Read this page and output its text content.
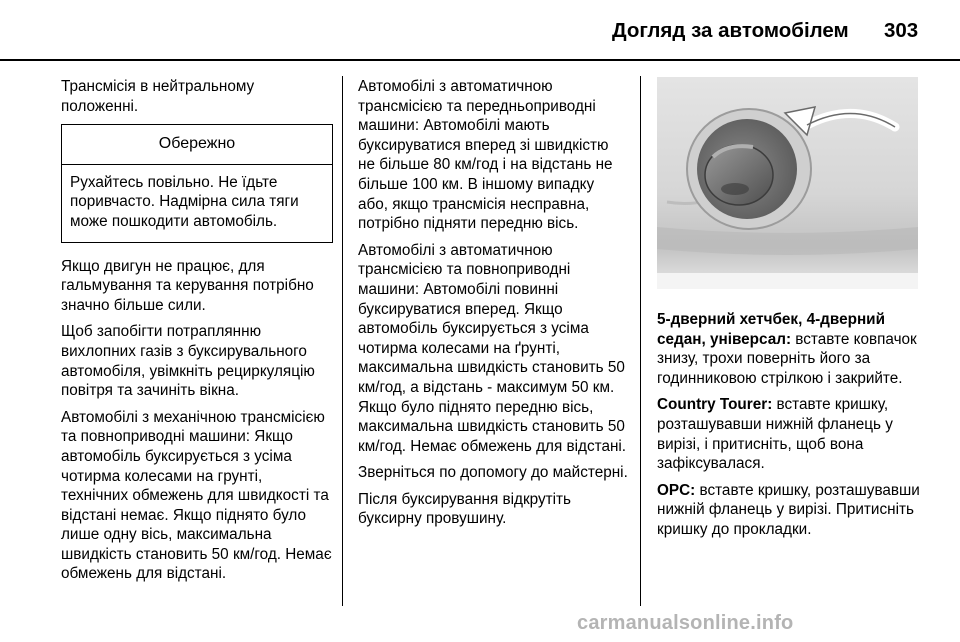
Догляд за автомобілем 303

Трансмісія в нейтральному положенні.

Обережно
Рухайтесь повільно. Не їдьте поривчасто. Надмірна сила тяги може пошкодити автомобіль.

Якщо двигун не працює, для гальмування та керування потрібно значно більше сили.

Щоб запобігти потраплянню вихлопних газів з буксирувального автомобіля, увімкніть рециркуляцію повітря та зачиніть вікна.

Автомобілі з механічною трансмісією та повноприводні машини: Якщо автомобіль буксирується з усіма чотирма колесами на грунті, технічних обмежень для швидкості та відстані немає. Якщо піднято було лише одну вісь, максимальна швидкість становить 50 км/год. Немає обмежень для відстані.

Автомобілі з автоматичною трансмісією та передньоприводні машини: Автомобілі мають буксируватися вперед зі швидкістю не більше 80 км/год і на відстань не більше 100 км. В іншому випадку або, якщо трансмісія несправна, потрібно підняти передню вісь.

Автомобілі з автоматичною трансмісією та повноприводні машини: Автомобілі повинні буксируватися вперед. Якщо автомобіль буксирується з усіма чотирма колесами на ґрунті, максимальна швидкість становить 50 км/год, а відстань - максимум 50 км. Якщо було піднято передню вісь, максимальна швидкість становить 50 км/год. Немає обмежень для відстані.

Зверніться по допомогу до майстерні.

Після буксирування відкрутіть буксирну провушину.

5-дверний хетчбек, 4-дверний седан, універсал: вставте ковпачок знизу, трохи поверніть його за годинниковою стрілкою і закрийте.

Country Tourer: вставте кришку, розташувавши нижній фланець у вирізі, і притисніть, щоб вона зафіксувалася.

OPC: вставте кришку, розташувавши нижній фланець у вирізі. Притисніть кришку до прокладки.

carmanualsonline.info
